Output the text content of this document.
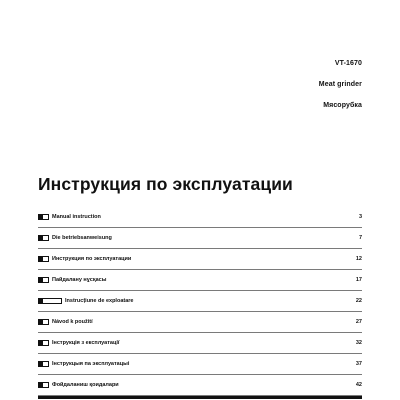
VT-1670
Meat grinder
Мясорубка
Инструкция по эксплуатации
Manual instruction	3
Die betriebsanweisung	7
Инструкция по эксплуатации	12
Пайдалану нұсқасы	17
Instrucțiune de exploatare	22
Návod k použití	27
Інструкція з експлуатації	32
Інструкцыя па эксплуатацыі	37
Фойдаланиш қоидалари	42
